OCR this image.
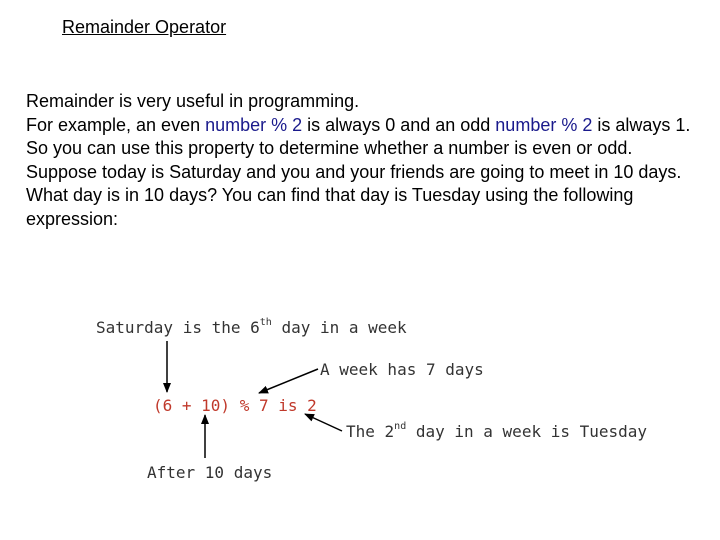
Remainder Operator

Remainder is very useful in programming.

For example, an even number % 2 is always 0 and an odd number % 2 is always 1.

So you can use this property to determine whether a number is even or odd.

Suppose today is Saturday and you and your friends are going to meet in 10 days. What day is in 10 days? You can find that day is Tuesday using the following expression:

Saturday is the 6th day in a week
A week has 7 days
(6 + 10) % 7 is 2
The 2nd day in a week is Tuesday
After 10 days
